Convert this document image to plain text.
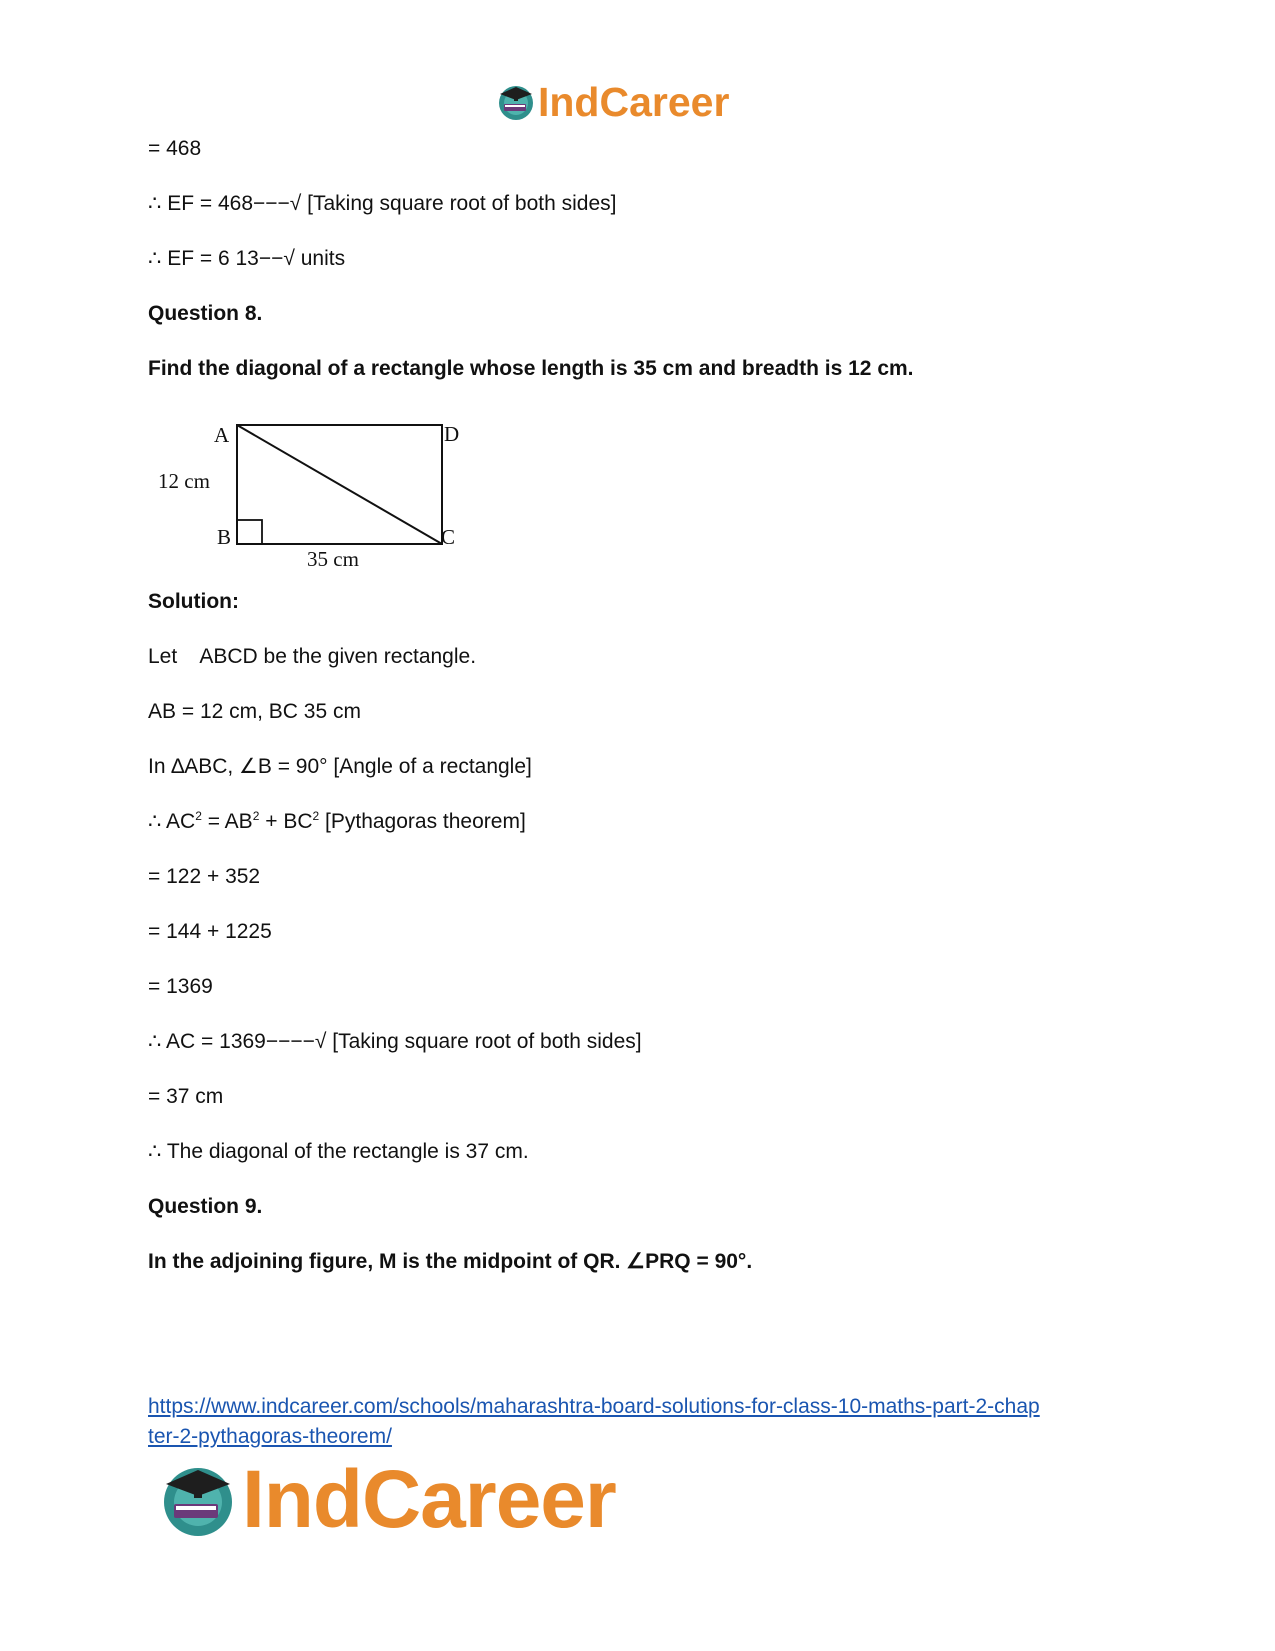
IndCareer
= 468
∴ EF = 468−−−√ [Taking square root of both sides]
∴ EF = 6 13−−√ units
Question 8.
Find the diagonal of a rectangle whose length is 35 cm and breadth is 12 cm.
A	D
B	C
12 cm
35 cm
Solution:
Let    ABCD be the given rectangle.
AB = 12 cm, BC 35 cm
In ∆ABC, ∠B = 90° [Angle of a rectangle]
∴ $AC^2 = AB^2 + BC^2$ [Pythagoras theorem]
= 122 + 352
= 144 + 1225
= 1369
∴ AC = 1369−−−−√ [Taking square root of both sides]
= 37 cm
∴ The diagonal of the rectangle is 37 cm.
Question 9.
In the adjoining figure, M is the midpoint of QR. ∠PRQ = 90°.
https://www.indcareer.com/schools/maharashtra-board-solutions-for-class-10-maths-part-2-chap
ter-2-pythagoras-theorem/
IndCareer
